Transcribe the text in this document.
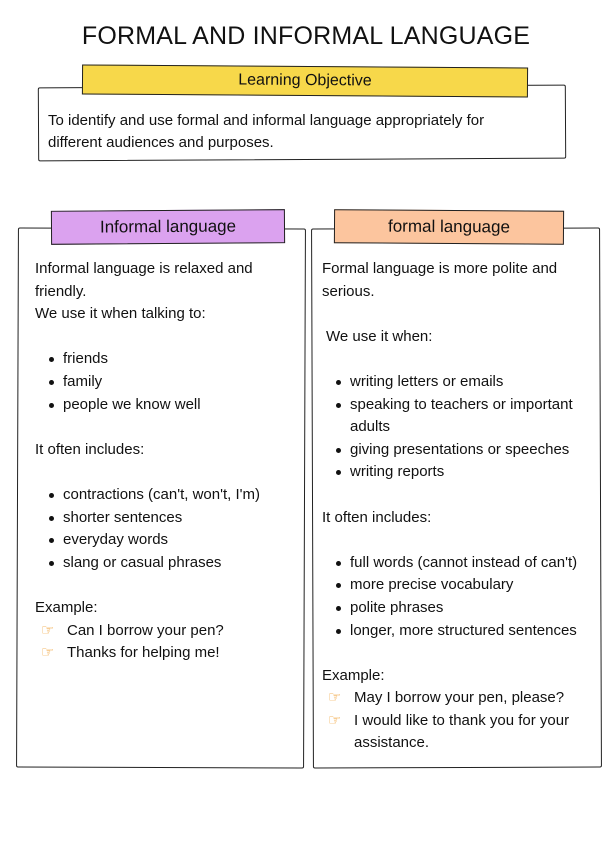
FORMAL AND INFORMAL LANGUAGE
Learning Objective
To identify and use formal and informal language appropriately for
different audiences and purposes.
Informal language

Informal language is relaxed and

friendly.

We use it when talking to:

friends
family
people we know well

It often includes:

contractions (can't, won't, I'm)
shorter sentences
everyday words
slang or casual phrases

Example:

☞ Can I borrow your pen?
☞ Thanks for helping me!
formal language

Formal language is more polite and

serious.

We use it when:

writing letters or emails
speaking to teachers or important adults
giving presentations or speeches
writing reports

It often includes:

full words (cannot instead of can't)
more precise vocabulary
polite phrases
longer, more structured sentences

Example:

☞ May I borrow your pen, please?
☞ I would like to thank you for your assistance.
